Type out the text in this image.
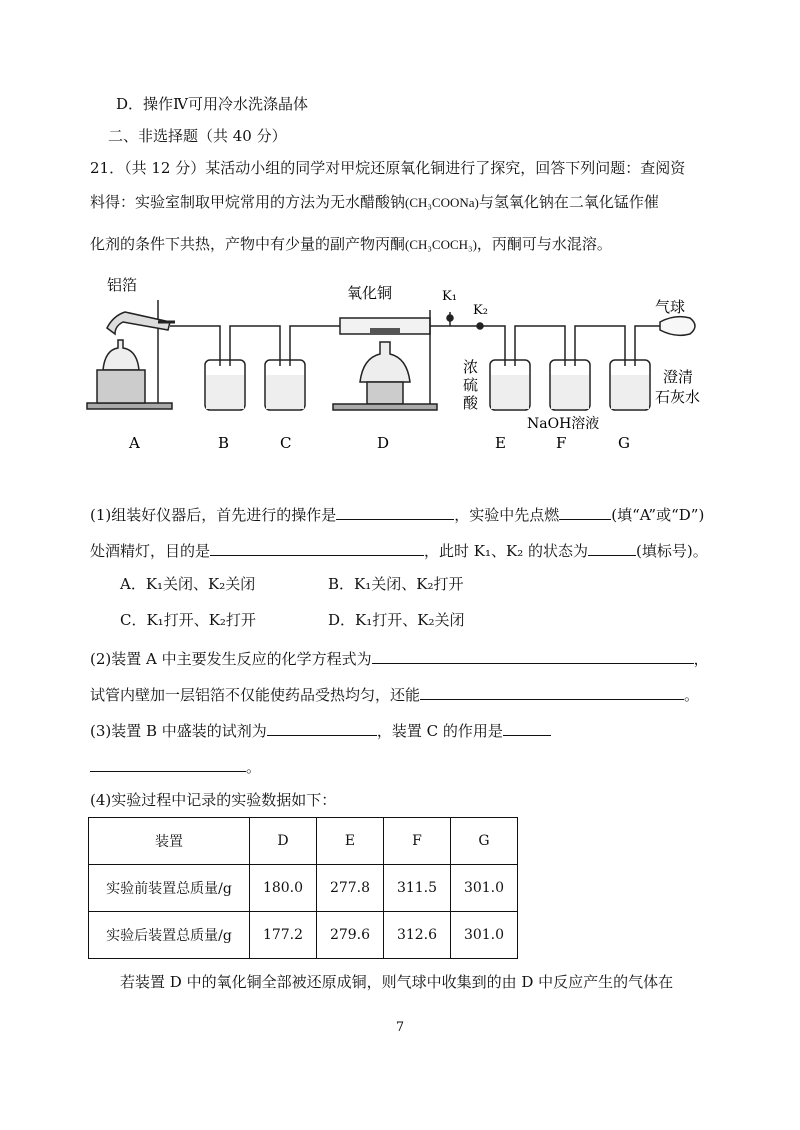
D．操作Ⅳ可用冷水洗涤晶体
二、非选择题（共 40 分）
21．（共 12 分）某活动小组的同学对甲烷还原氧化铜进行了探究，回答下列问题：查阅资
料得：实验室制取甲烷常用的方法为无水醋酸钠(CH₃COONa)与氢氧化钠在二氧化锰作催
化剂的条件下共热，产物中有少量的副产物丙酮(CH₃COCH₃)，丙酮可与水混溶。
铝箔	氧化铜	K₁
K₂	气球
浓
硫
酸
NaOH溶液
澄清
石灰水
A	B	C	D	E	F	G
(1)组装好仪器后，首先进行的操作是	，实验中先点燃	(填“A”或“D”)
处酒精灯，目的是	，此时 K₁、K₂ 的状态为	(填标号)。
A．K₁关闭、K₂关闭	B．K₁关闭、K₂打开
C．K₁打开、K₂打开	D．K₁打开、K₂关闭
(2)装置 A 中主要发生反应的化学方程式为	，
试管内壁加一层铝箔不仅能使药品受热均匀，还能	。
(3)装置 B 中盛装的试剂为	，装置 C 的作用是
。
(4)实验过程中记录的实验数据如下：
装置	D	E	F	G
实验前装置总质量/g	180.0	277.8	311.5	301.0
实验后装置总质量/g	177.2	279.6	312.6	301.0
若装置 D 中的氧化铜全部被还原成铜，则气球中收集到的由 D 中反应产生的气体在
7
